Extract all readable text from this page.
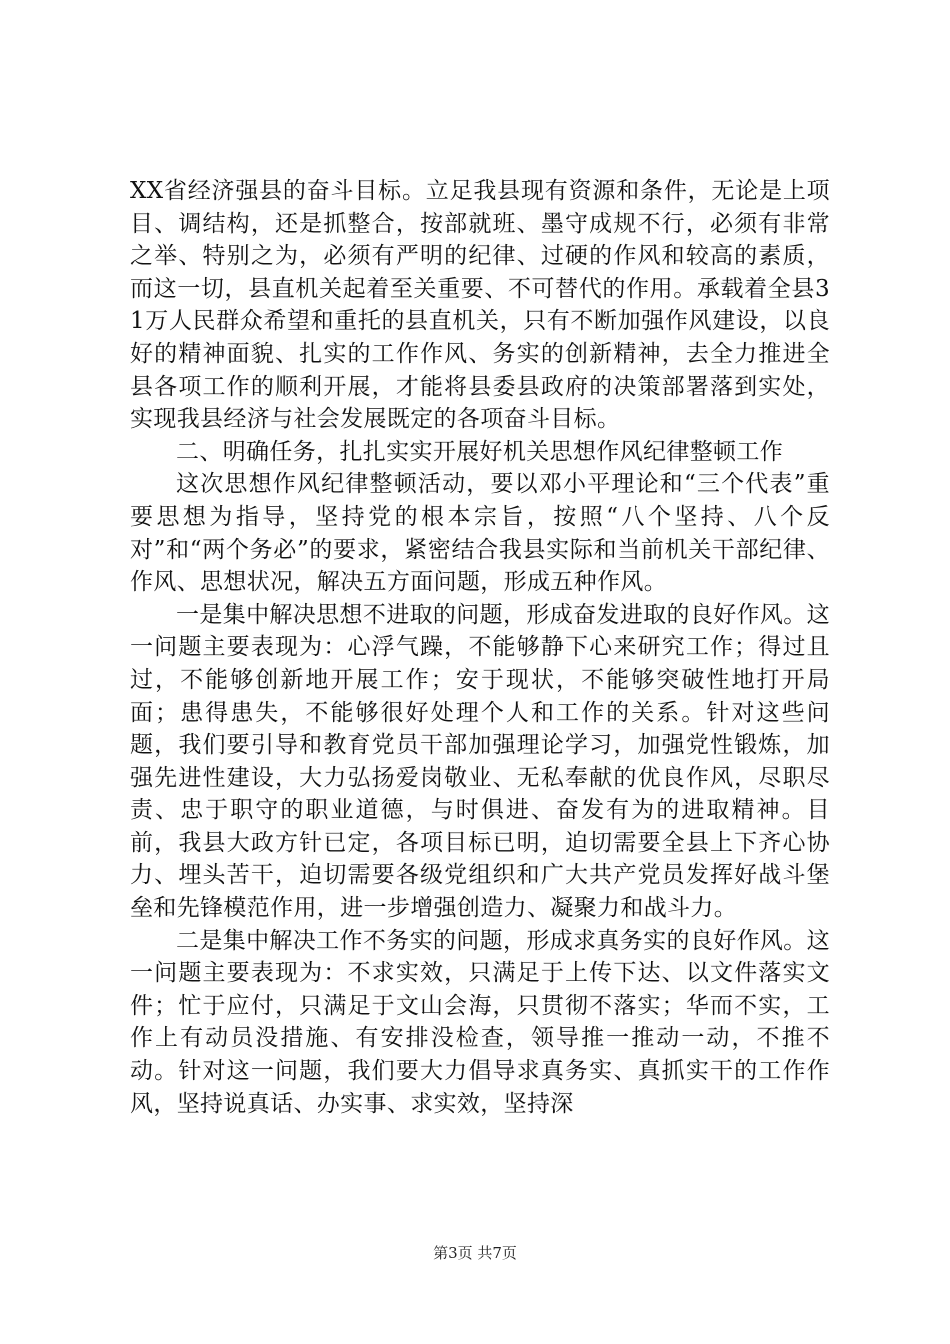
XX省经济强县的奋斗目标。立足我县现有资源和条件，无论是上项目、调结构，还是抓整合，按部就班、墨守成规不行，必须有非常之举、特别之为，必须有严明的纪律、过硬的作风和较高的素质，而这一切，县直机关起着至关重要、不可替代的作用。承载着全县31万人民群众希望和重托的县直机关，只有不断加强作风建设，以良好的精神面貌、扎实的工作作风、务实的创新精神，去全力推进全县各项工作的顺利开展，才能将县委县政府的决策部署落到实处，实现我县经济与社会发展既定的各项奋斗目标。

二、明确任务，扎扎实实开展好机关思想作风纪律整顿工作

这次思想作风纪律整顿活动，要以邓小平理论和“三个代表”重要思想为指导，坚持党的根本宗旨，按照“八个坚持、八个反对”和“两个务必”的要求，紧密结合我县实际和当前机关干部纪律、作风、思想状况，解决五方面问题，形成五种作风。

一是集中解决思想不进取的问题，形成奋发进取的良好作风。这一问题主要表现为：心浮气躁，不能够静下心来研究工作；得过且过，不能够创新地开展工作；安于现状，不能够突破性地打开局面；患得患失，不能够很好处理个人和工作的关系。针对这些问题，我们要引导和教育党员干部加强理论学习，加强党性锻炼，加强先进性建设，大力弘扬爱岗敬业、无私奉献的优良作风，尽职尽责、忠于职守的职业道德，与时俱进、奋发有为的进取精神。目前，我县大政方针已定，各项目标已明，迫切需要全县上下齐心协力、埋头苦干，迫切需要各级党组织和广大共产党员发挥好战斗堡垒和先锋模范作用，进一步增强创造力、凝聚力和战斗力。

二是集中解决工作不务实的问题，形成求真务实的良好作风。这一问题主要表现为：不求实效，只满足于上传下达、以文件落实文件；忙于应付，只满足于文山会海，只贯彻不落实；华而不实，工作上有动员没措施、有安排没检查，领导推一推动一动，不推不动。针对这一问题，我们要大力倡导求真务实、真抓实干的工作作风，坚持说真话、办实事、求实效，坚持深

第3页 共7页
